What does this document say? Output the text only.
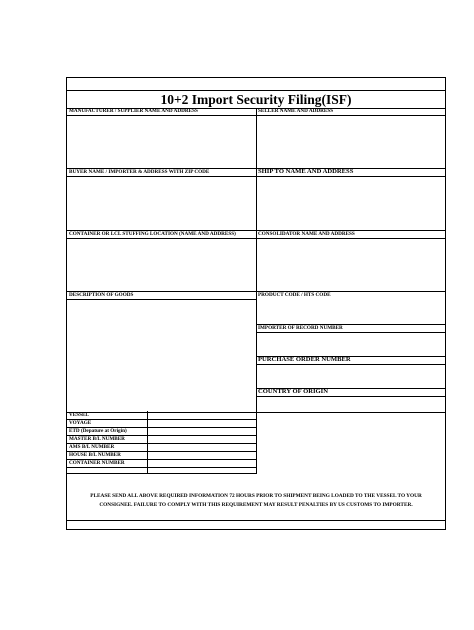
10+2 Import Security Filing(ISF)
MANUFACTURER / SUPPLIER NAME AND ADDRESS	SELLER NAME AND ADDRESS
BUYER NAME / IMPORTER & ADDRESS WITH ZIP CODE	SHIP TO NAME AND ADDRESS
CONTAINER OR LCL STUFFING LOCATION (NAME AND ADDRESS)	CONSOLIDATOR NAME AND ADDRESS
DESCRIPTION OF GOODS	PRODUCT CODE / HTS CODE
IMPORTER OF RECORD NUMBER
PURCHASE ORDER NUMBER
COUNTRY OF ORIGIN
VESSEL
VOYAGE
ETD (Depature at Origin)
MASTER B/L NUMBER
AMS B/L NUMBER
HOUSE B/L NUMBER
CONTAINER NUMBER
PLEASE SEND ALL ABOVE REQUIRED INFORMATION 72 HOURS PRIOR TO SHIPMENT BEING LOADED TO THE VESSEL TO YOUR
CONSIGNEE. FAILURE TO COMPLY WITH THIS REQUIREMENT MAY RESULT PENALTIES BY US CUSTOMS TO IMPORTER.
